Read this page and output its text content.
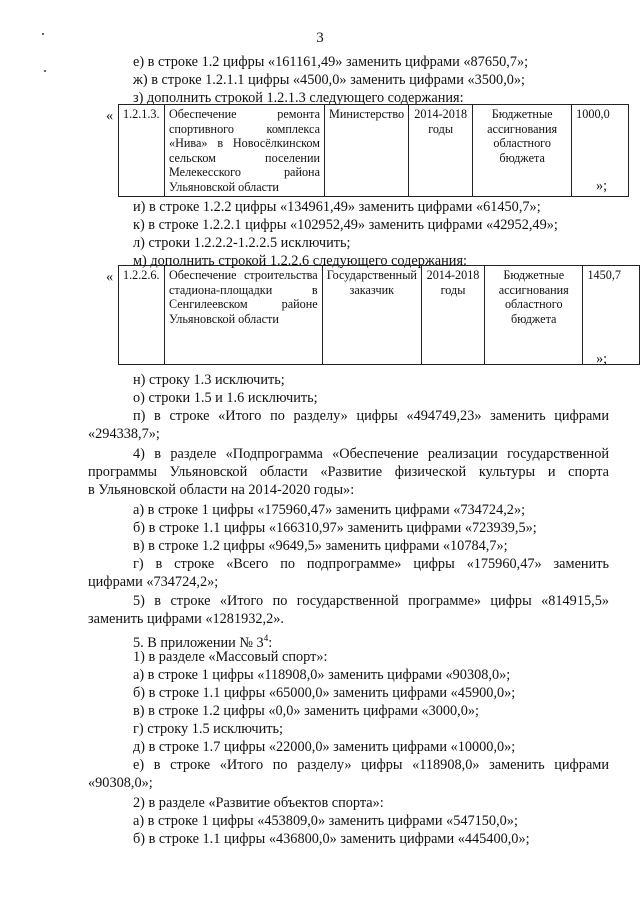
3
е) в строке 1.2 цифры «161161,49» заменить цифрами «87650,7»;
ж) в строке 1.2.1.1 цифры «4500,0» заменить цифрами «3500,0»;
з) дополнить строкой 1.2.1.3 следующего содержания:
« 1.2.1.3.	Обеспечение ремонта спортивного комплекса «Нива» в Новосёлкинском сельском поселении Мелекесского района Ульяновской области	Министерство	2014-2018 годы	Бюджетные ассигнования областного бюджета	1000,0
»;
и) в строке 1.2.2 цифры «134961,49» заменить цифрами «61450,7»;
к) в строке 1.2.2.1 цифры «102952,49» заменить цифрами «42952,49»;
л) строки 1.2.2.2-1.2.2.5 исключить;
м) дополнить строкой 1.2.2.6 следующего содержания:
« 1.2.2.6.	Обеспечение строительства стадиона-площадки в Сенгилеевском районе Ульяновской области	Государственный заказчик	2014-2018 годы	Бюджетные ассигнования областного бюджета	1450,7
»;
н) строку 1.3 исключить;
о) строки 1.5 и 1.6 исключить;
п) в строке «Итого по разделу» цифры «494749,23» заменить цифрами
«294338,7»;
4) в разделе «Подпрограмма «Обеспечение реализации государственной
программы Ульяновской области «Развитие физической культуры и спорта
в Ульяновской области на 2014-2020 годы»:
а) в строке 1 цифры «175960,47» заменить цифрами «734724,2»;
б) в строке 1.1 цифры «166310,97» заменить цифрами «723939,5»;
в) в строке 1.2 цифры «9649,5» заменить цифрами «10784,7»;
г) в строке «Всего по подпрограмме» цифры «175960,47» заменить
цифрами «734724,2»;
5) в строке «Итого по государственной программе» цифры «814915,5»
заменить цифрами «1281932,2».
5. В приложении № $3^4$:
1) в разделе «Массовый спорт»:
а) в строке 1 цифры «118908,0» заменить цифрами «90308,0»;
б) в строке 1.1 цифры «65000,0» заменить цифрами «45900,0»;
в) в строке 1.2 цифры «0,0» заменить цифрами «3000,0»;
г) строку 1.5 исключить;
д) в строке 1.7 цифры «22000,0» заменить цифрами «10000,0»;
е) в строке «Итого по разделу» цифры «118908,0» заменить цифрами
«90308,0»;
2) в разделе «Развитие объектов спорта»:
а) в строке 1 цифры «453809,0» заменить цифрами «547150,0»;
б) в строке 1.1 цифры «436800,0» заменить цифрами «445400,0»;
